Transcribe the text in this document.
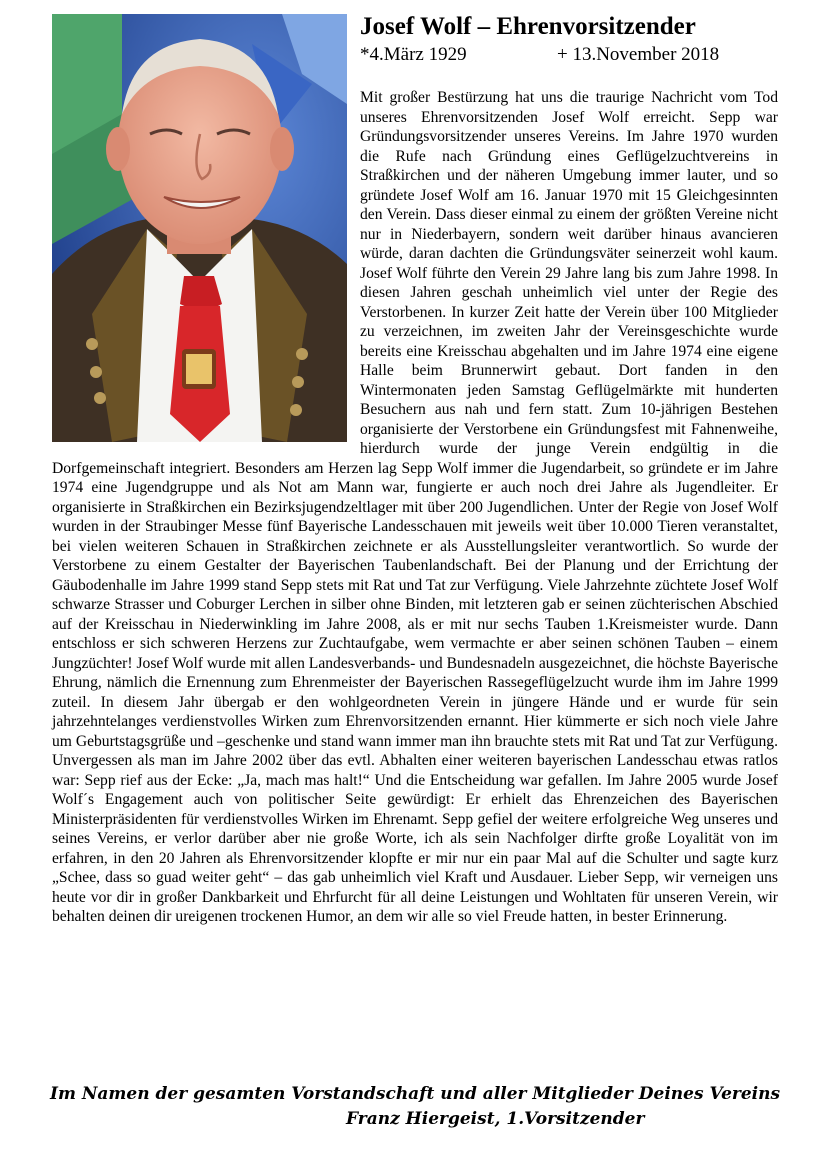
Josef Wolf – Ehrenvorsitzender
*4.März 1929	+ 13.November 2018
Mit großer Bestürzung hat uns die traurige Nachricht vom Tod unseres Ehrenvorsitzenden Josef Wolf erreicht. Sepp war Gründungsvorsitzender unseres Vereins. Im Jahre 1970 wurden die Rufe nach Gründung eines Geflügelzuchtvereins in Straßkirchen und der näheren Umgebung immer lauter, und so gründete Josef Wolf am 16. Januar 1970 mit 15 Gleichgesinnten den Verein. Dass dieser einmal zu einem der größten Vereine nicht nur in Niederbayern, sondern weit darüber hinaus avancieren würde, daran dachten die Gründungsväter seinerzeit wohl kaum. Josef Wolf führte den Verein 29 Jahre lang bis zum Jahre 1998. In diesen Jahren geschah unheimlich viel unter der Regie des Verstorbenen. In kurzer Zeit hatte der Verein über 100 Mitglieder zu verzeichnen, im zweiten Jahr der Vereinsgeschichte wurde bereits eine Kreisschau abgehalten und im Jahre 1974 eine eigene Halle beim Brunnerwirt gebaut. Dort fanden in den Wintermonaten jeden Samstag Geflügelmärkte mit hunderten Besuchern aus nah und fern statt. Zum 10-jährigen Bestehen organisierte der Verstorbene ein Gründungsfest mit Fahnenweihe, hierdurch wurde der junge Verein endgültig in die Dorfgemeinschaft integriert. Besonders am Herzen lag Sepp Wolf immer die Jugendarbeit, so gründete er im Jahre 1974 eine Jugendgruppe und als Not am Mann war, fungierte er auch noch drei Jahre als Jugendleiter. Er organisierte in Straßkirchen ein Bezirksjugendzeltlager mit über 200 Jugendlichen. Unter der Regie von Josef Wolf wurden in der Straubinger Messe fünf Bayerische Landesschauen mit jeweils weit über 10.000 Tieren veranstaltet, bei vielen weiteren Schauen in Straßkirchen zeichnete er als Ausstellungsleiter verantwortlich. So wurde der Verstorbene zu einem Gestalter der Bayerischen Taubenlandschaft. Bei der Planung und der Errichtung der Gäubodenhalle im Jahre 1999 stand Sepp stets mit Rat und Tat zur Verfügung. Viele Jahrzehnte züchtete Josef Wolf schwarze Strasser und Coburger Lerchen in silber ohne Binden, mit letzteren gab er seinen züchterischen Abschied auf der Kreisschau in Niederwinkling im Jahre 2008, als er mit nur sechs Tauben 1.Kreismeister wurde. Dann entschloss er sich schweren Herzens zur Zuchtaufgabe, wem vermachte er aber seinen schönen Tauben – einem Jungzüchter! Josef Wolf wurde mit allen Landesverbands- und Bundesnadeln ausgezeichnet, die höchste Bayerische Ehrung, nämlich die Ernennung zum Ehrenmeister der Bayerischen Rassegeflügelzucht wurde ihm im Jahre 1999 zuteil. In diesem Jahr übergab er den wohlgeordneten Verein in jüngere Hände und er wurde für sein jahrzehntelanges verdienstvolles Wirken zum Ehrenvorsitzenden ernannt. Hier kümmerte er sich noch viele Jahre um Geburtstagsgrüße und –geschenke und stand wann immer man ihn brauchte stets mit Rat und Tat zur Verfügung. Unvergessen als man im Jahre 2002 über das evtl. Abhalten einer weiteren bayerischen Landesschau etwas ratlos war: Sepp rief aus der Ecke: „Ja, mach mas halt!“ Und die Entscheidung war gefallen. Im Jahre 2005 wurde Josef Wolf´s Engagement auch von politischer Seite gewürdigt: Er erhielt das Ehrenzeichen des Bayerischen Ministerpräsidenten für verdienstvolles Wirken im Ehrenamt. Sepp gefiel der weitere erfolgreiche Weg unseres und seines Vereins, er verlor darüber aber nie große Worte, ich als sein Nachfolger dirfte große Loyalität von im erfahren, in den 20 Jahren als Ehrenvorsitzender klopfte er mir nur ein paar Mal auf die Schulter und sagte kurz „Schee, dass so guad weiter geht“ – das gab unheimlich viel Kraft und Ausdauer. Lieber Sepp, wir verneigen uns heute vor dir in großer Dankbarkeit und Ehrfurcht für all deine Leistungen und Wohltaten für unseren Verein, wir behalten deinen dir ureigenen trockenen Humor, an dem wir alle so viel Freude hatten, in bester Erinnerung.
Im Namen der gesamten Vorstandschaft und aller Mitglieder Deines Vereins
Franz Hiergeist, 1.Vorsitzender
